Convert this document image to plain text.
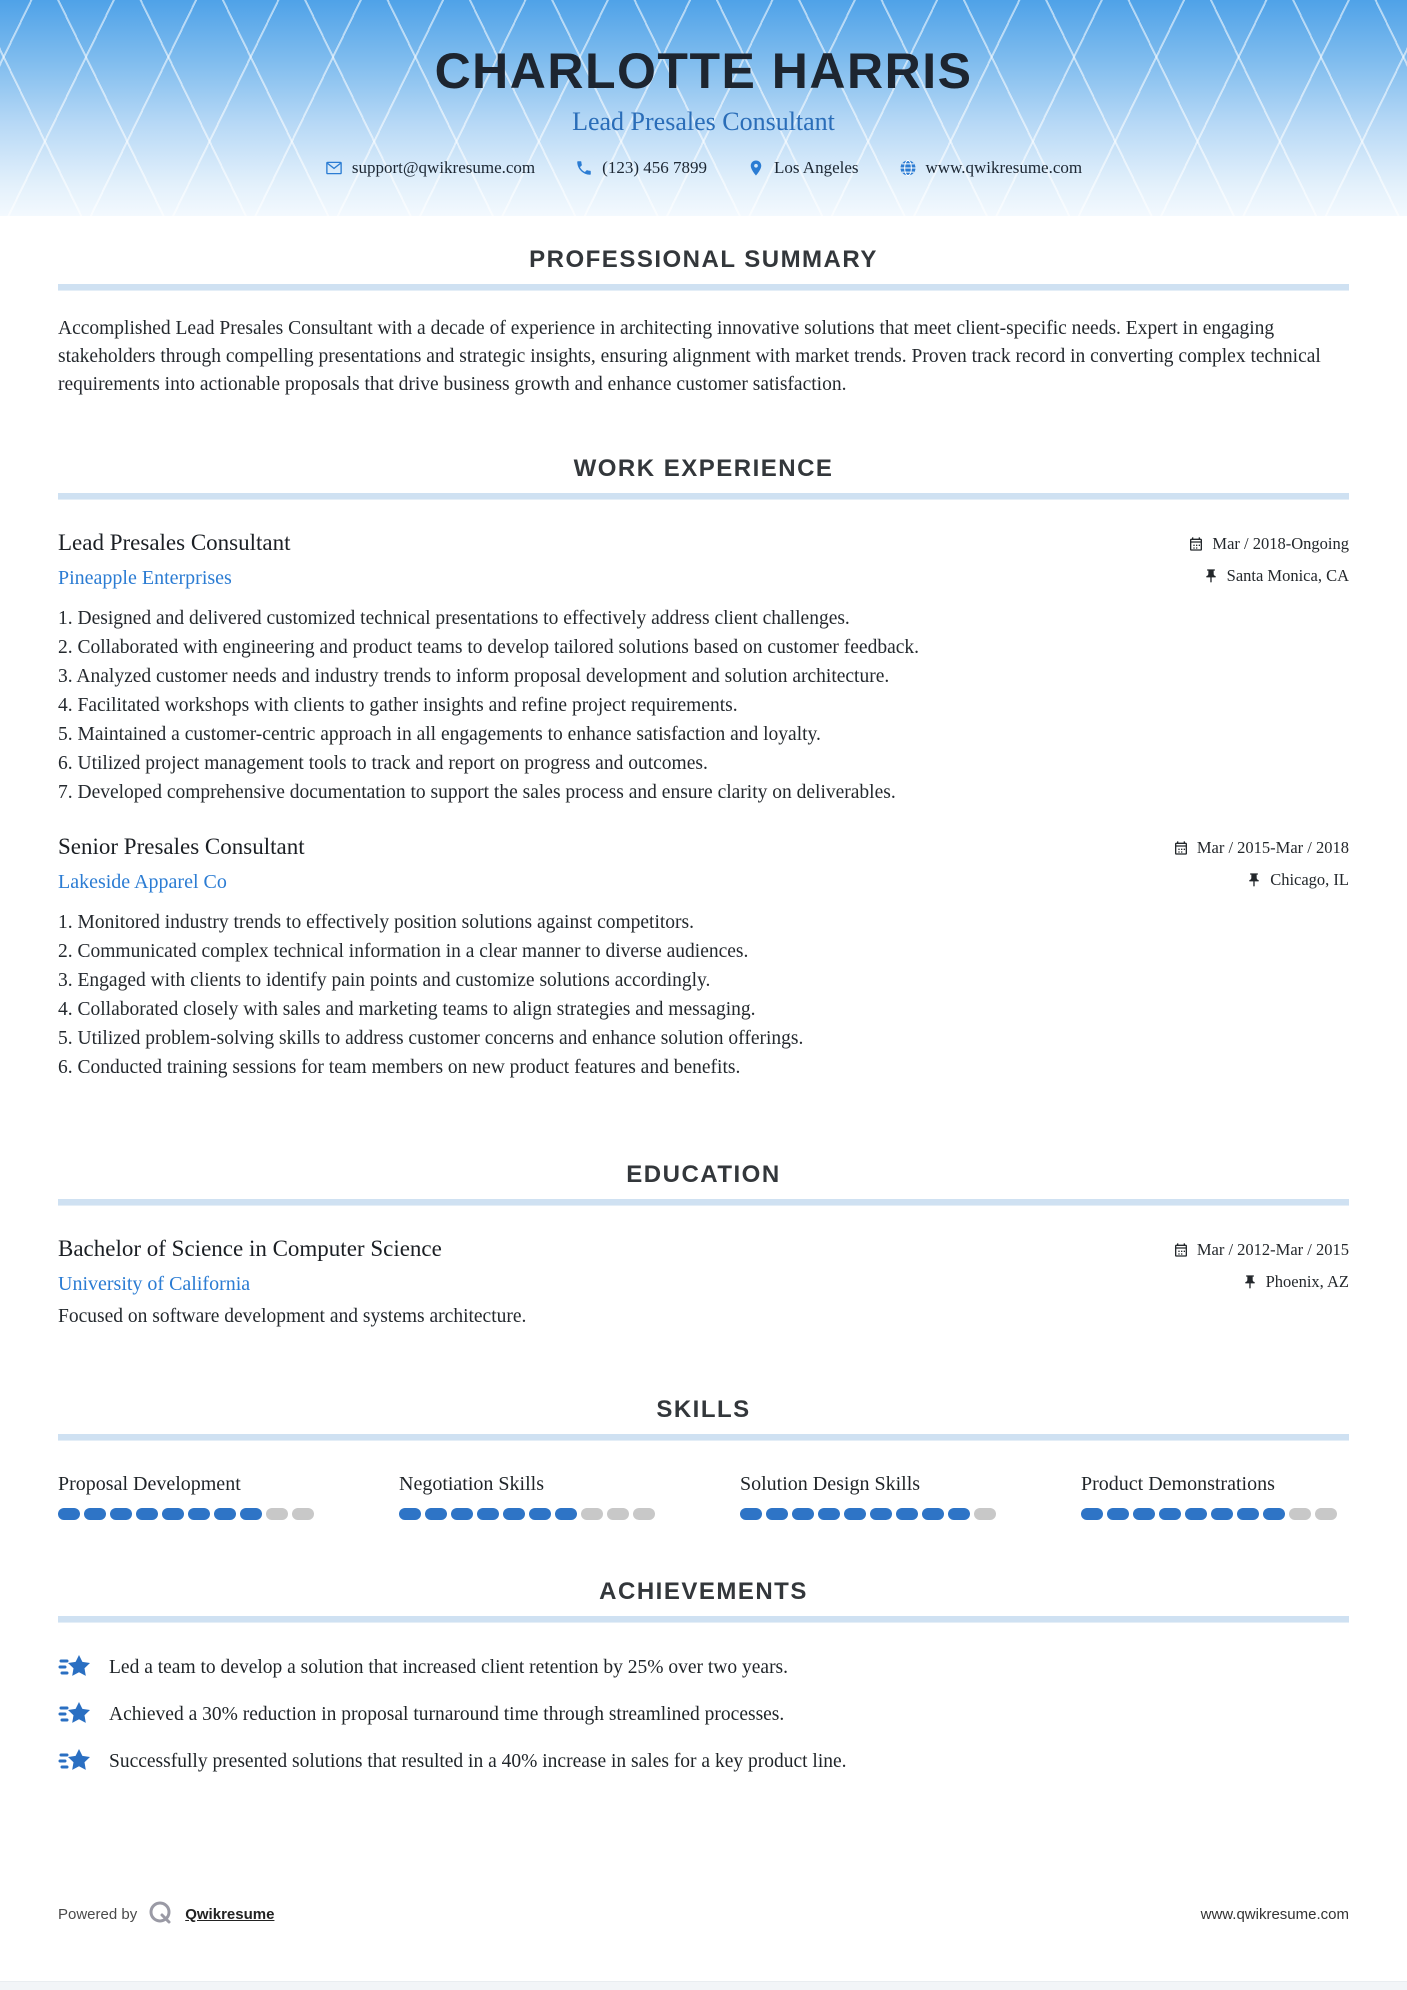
CHARLOTTE HARRIS
Lead Presales Consultant
support@qwikresume.com	(123) 456 7899	Los Angeles	www.qwikresume.com
PROFESSIONAL SUMMARY

Accomplished Lead Presales Consultant with a decade of experience in architecting innovative solutions that meet client-specific needs. Expert in engaging stakeholders through compelling presentations and strategic insights, ensuring alignment with market trends. Proven track record in converting complex technical requirements into actionable proposals that drive business growth and enhance customer satisfaction.

WORK EXPERIENCE
Lead Presales Consultant
Pineapple Enterprises
Mar / 2018-Ongoing
Santa Monica, CA
1. Designed and delivered customized technical presentations to effectively address client challenges.
2. Collaborated with engineering and product teams to develop tailored solutions based on customer feedback.
3. Analyzed customer needs and industry trends to inform proposal development and solution architecture.
4. Facilitated workshops with clients to gather insights and refine project requirements.
5. Maintained a customer-centric approach in all engagements to enhance satisfaction and loyalty.
6. Utilized project management tools to track and report on progress and outcomes.
7. Developed comprehensive documentation to support the sales process and ensure clarity on deliverables.
Senior Presales Consultant
Lakeside Apparel Co
Mar / 2015-Mar / 2018
Chicago, IL
1. Monitored industry trends to effectively position solutions against competitors.
2. Communicated complex technical information in a clear manner to diverse audiences.
3. Engaged with clients to identify pain points and customize solutions accordingly.
4. Collaborated closely with sales and marketing teams to align strategies and messaging.
5. Utilized problem-solving skills to address customer concerns and enhance solution offerings.
6. Conducted training sessions for team members on new product features and benefits.
EDUCATION
Bachelor of Science in Computer Science
University of California
Mar / 2012-Mar / 2015
Phoenix, AZ
Focused on software development and systems architecture.
SKILLS
Proposal Development	Negotiation Skills	Solution Design Skills	Product Demonstrations
ACHIEVEMENTS
Led a team to develop a solution that increased client retention by 25% over two years.
Achieved a 30% reduction in proposal turnaround time through streamlined processes.
Successfully presented solutions that resulted in a 40% increase in sales for a key product line.
Powered by	Qwikresume	www.qwikresume.com
